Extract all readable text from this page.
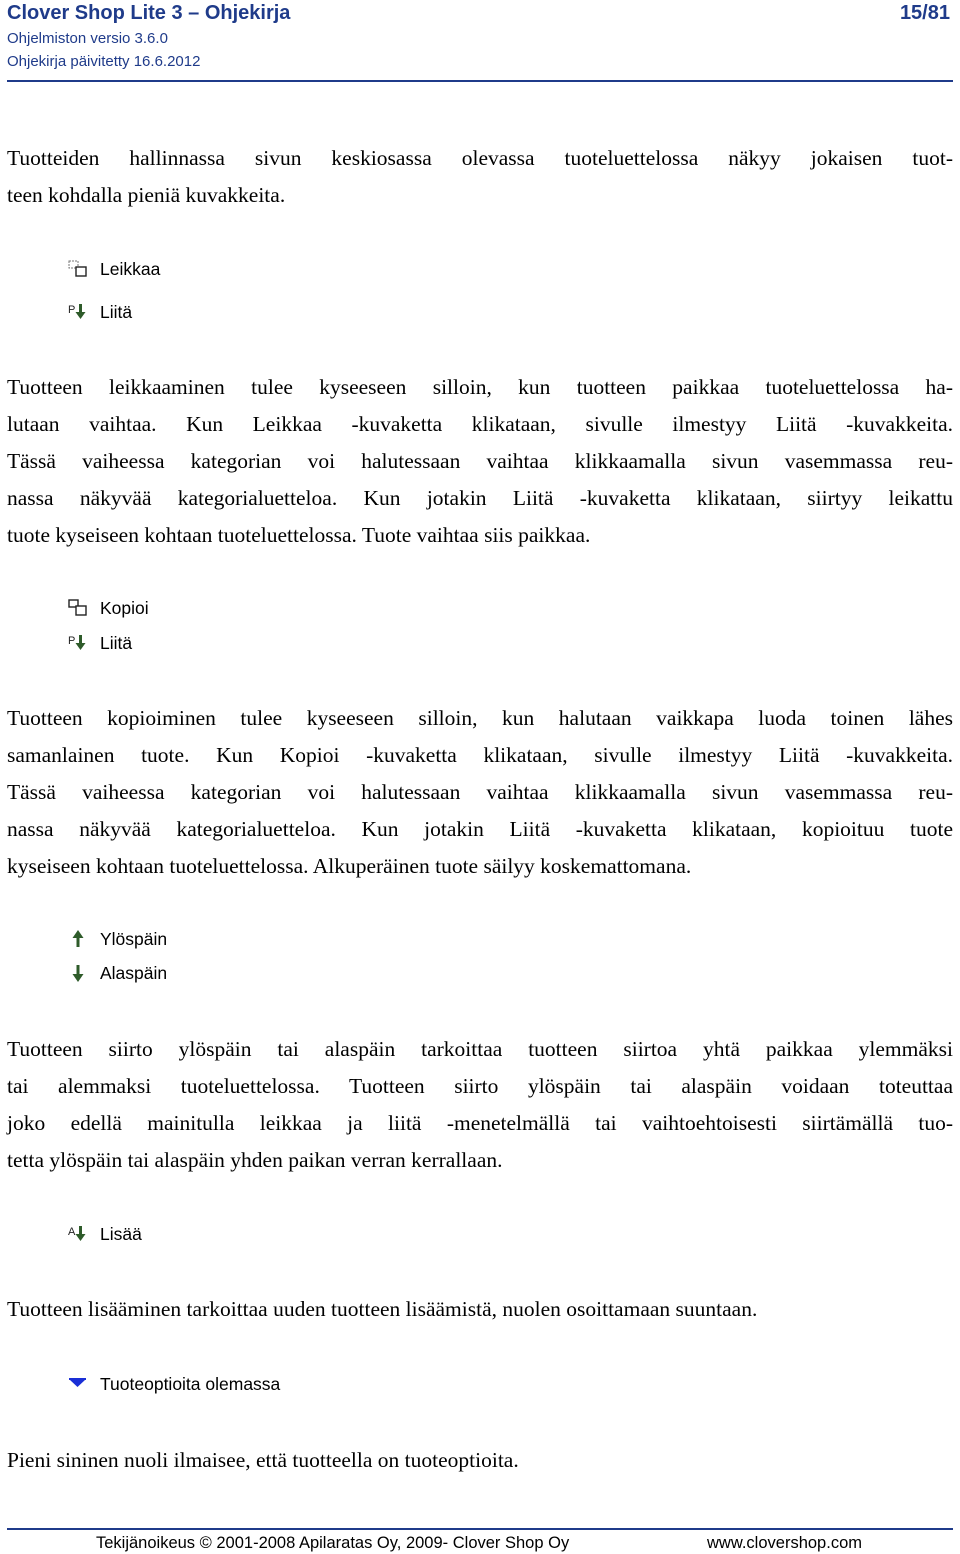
Clover Shop Lite 3 – Ohjekirja	15/81
Ohjelmiston versio 3.6.0
Ohjekirja päivitetty 16.6.2012

Tuotteiden hallinnassa sivun keskiosassa olevassa tuoteluettelossa näkyy jokaisen tuot-
teen kohdalla pieniä kuvakkeita.

Leikkaa
P Liitä

Tuotteen leikkaaminen tulee kyseeseen silloin, kun tuotteen paikkaa tuoteluettelossa ha-
lutaan vaihtaa. Kun Leikkaa -kuvaketta klikataan, sivulle ilmestyy Liitä -kuvakkeita.
Tässä vaiheessa kategorian voi halutessaan vaihtaa klikkaamalla sivun vasemmassa reu-
nassa näkyvää kategorialuetteloa. Kun jotakin Liitä -kuvaketta klikataan, siirtyy leikattu
tuote kyseiseen kohtaan tuoteluettelossa. Tuote vaihtaa siis paikkaa.

Kopioi
P Liitä

Tuotteen kopioiminen tulee kyseeseen silloin, kun halutaan vaikkapa luoda toinen lähes
samanlainen tuote. Kun Kopioi -kuvaketta klikataan, sivulle ilmestyy Liitä -kuvakkeita.
Tässä vaiheessa kategorian voi halutessaan vaihtaa klikkaamalla sivun vasemmassa reu-
nassa näkyvää kategorialuetteloa. Kun jotakin Liitä -kuvaketta klikataan, kopioituu tuote
kyseiseen kohtaan tuoteluettelossa. Alkuperäinen tuote säilyy koskemattomana.

Ylöspäin
Alaspäin

Tuotteen siirto ylöspäin tai alaspäin tarkoittaa tuotteen siirtoa yhtä paikkaa ylemmäksi
tai alemmaksi tuoteluettelossa. Tuotteen siirto ylöspäin tai alaspäin voidaan toteuttaa
joko edellä mainitulla leikkaa ja liitä -menetelmällä tai vaihtoehtoisesti siirtämällä tuo-
tetta ylöspäin tai alaspäin yhden paikan verran kerrallaan.

A Lisää

Tuotteen lisääminen tarkoittaa uuden tuotteen lisäämistä, nuolen osoittamaan suuntaan.

Tuoteoptioita olemassa

Pieni sininen nuoli ilmaisee, että tuotteella on tuoteoptioita.

Tekijänoikeus © 2001-2008 Apilaratas Oy, 2009- Clover Shop Oy	www.clovershop.com
